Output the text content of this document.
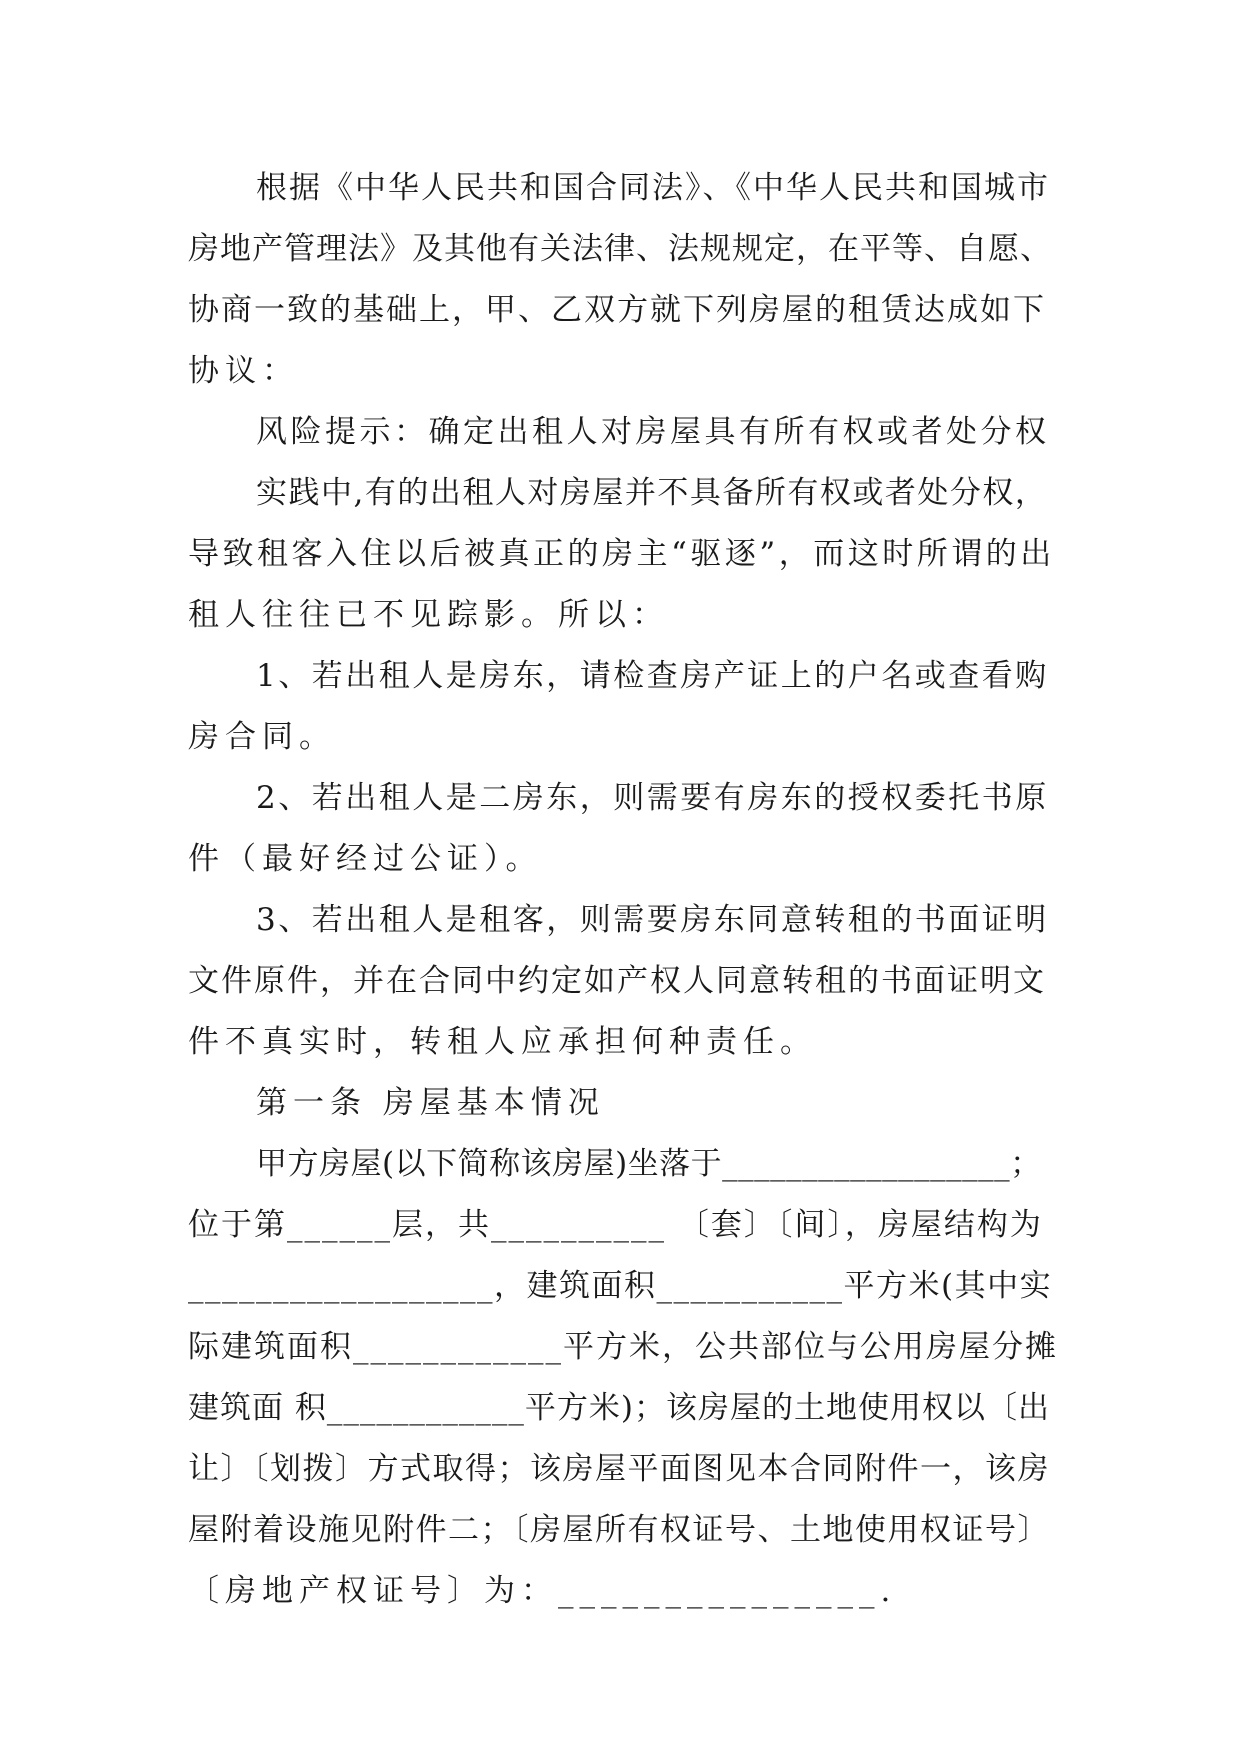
根据《中华人民共和国合同法》、《中华人民共和国城市
房地产管理法》及其他有关法律、法规规定，在平等、自愿、
协商一致的基础上，甲、乙双方就下列房屋的租赁达成如下
协议：
风险提示：确定出租人对房屋具有所有权或者处分权
实践中,有的出租人对房屋并不具备所有权或者处分权，
导致租客入住以后被真正的房主“驱逐”，而这时所谓的出
租人往往已不见踪影。所以：
1、若出租人是房东，请检查房产证上的户名或查看购
房合同。
2、若出租人是二房东，则需要有房东的授权委托书原
件（最好经过公证）。
3、若出租人是租客，则需要房东同意转租的书面证明
文件原件，并在合同中约定如产权人同意转租的书面证明文
件不真实时，转租人应承担何种责任。
第一条 房屋基本情况
甲方房屋(以下简称该房屋)坐落于__________________；
位于第______层，共__________ 〔套〕〔间〕，房屋结构为
__________________，建筑面积___________平方米(其中实
际建筑面积____________平方米，公共部位与公用房屋分摊
建筑面 积____________平方米)；该房屋的土地使用权以〔出
让〕〔划拨〕方式取得；该房屋平面图见本合同附件一，该房
屋附着设施见附件二；〔房屋所有权证号、土地使用权证号〕
〔房地产权证号〕为：_______________.
